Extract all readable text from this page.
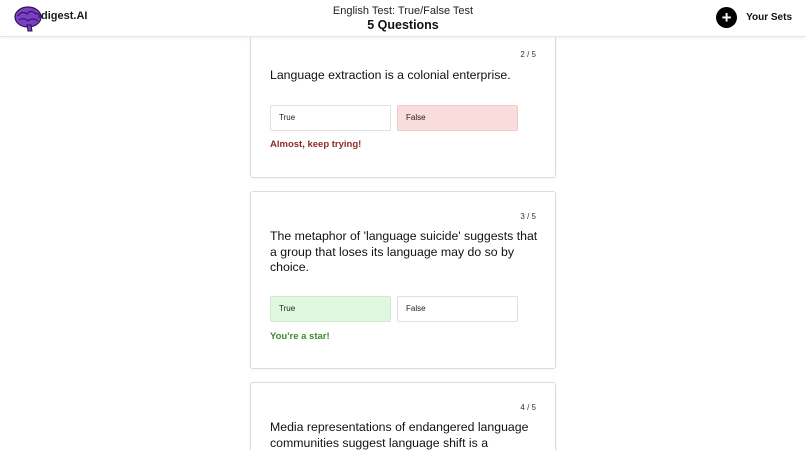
digest.AI	English Test: True/False Test
5 Questions	+	Your Sets
2 / 5
Language extraction is a colonial enterprise.
True	False
Almost, keep trying!
3 / 5
The metaphor of 'language suicide' suggests that a group that loses its language may do so by choice.
True	False
You're a star!
4 / 5
Media representations of endangered language communities suggest language shift is a
